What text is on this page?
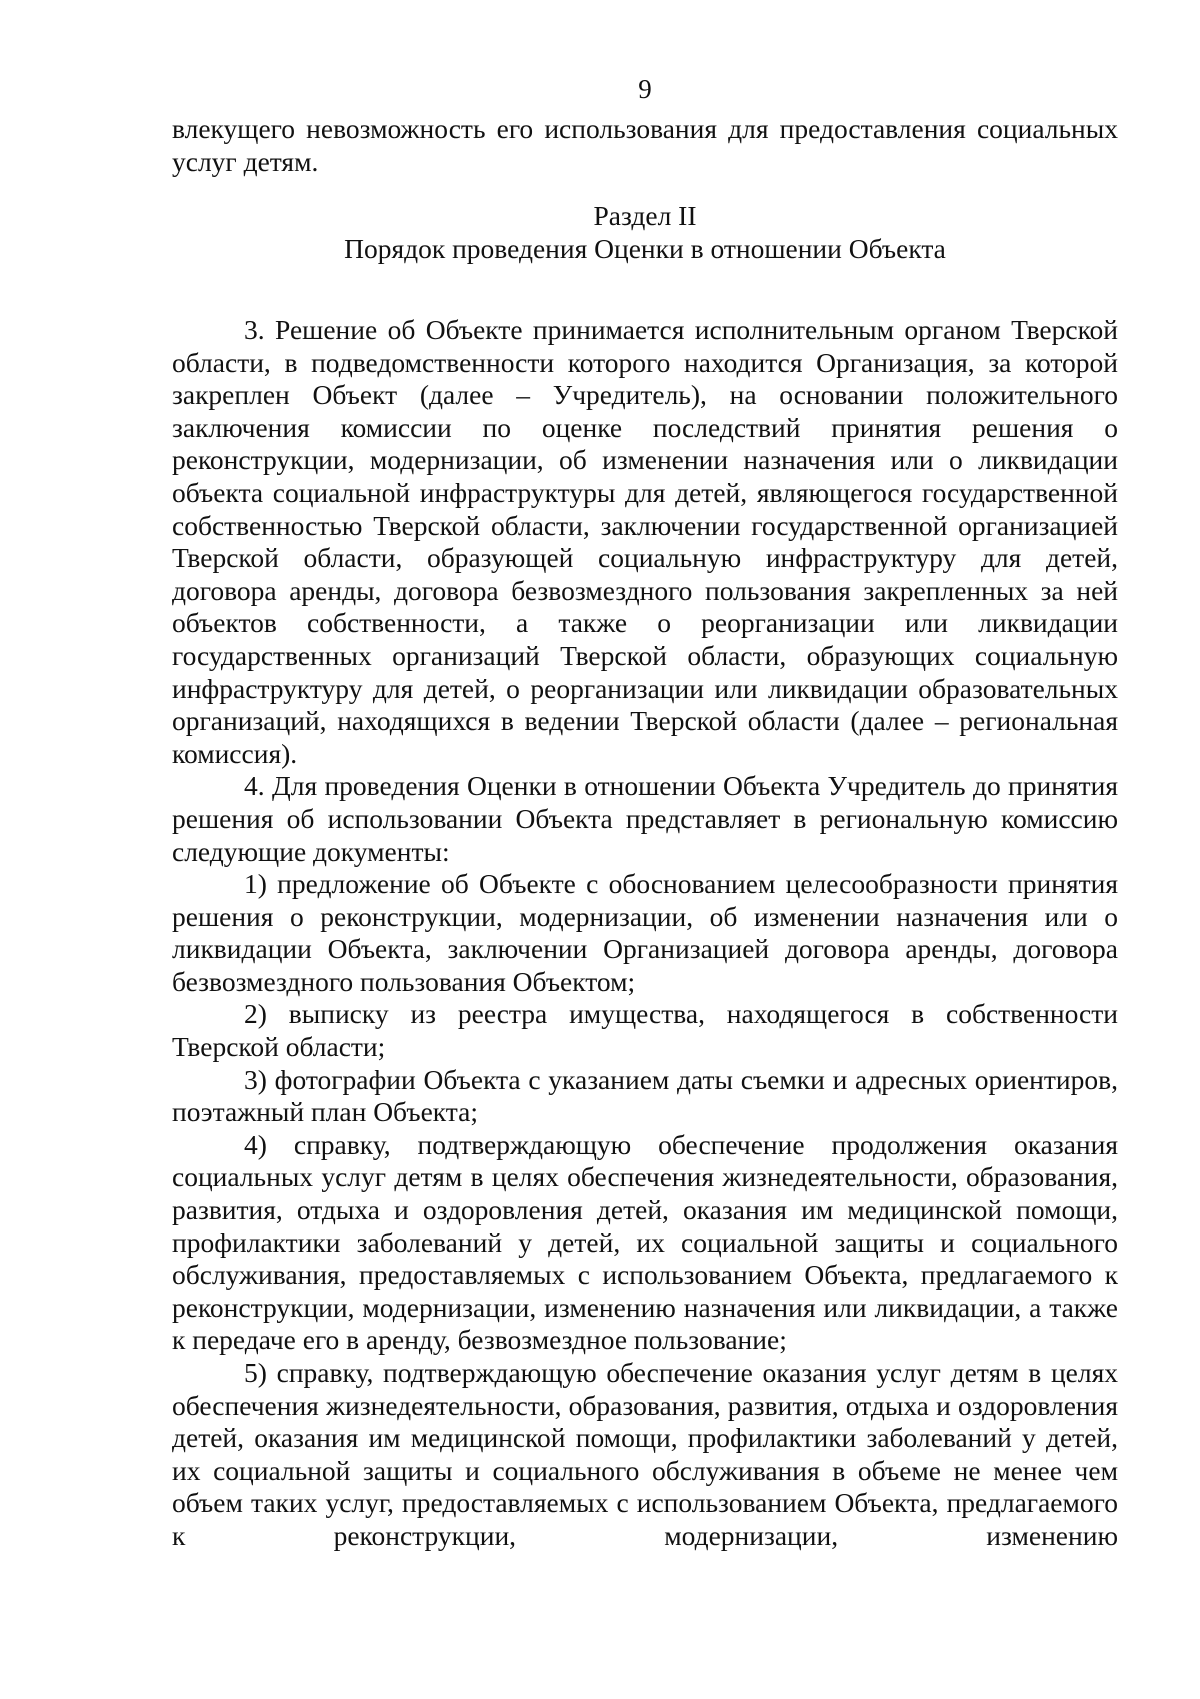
9

влекущего невозможность его использования для предоставления социальных услуг детям.

Раздел II
Порядок проведения Оценки в отношении Объекта

3. Решение об Объекте принимается исполнительным органом Тверской области, в подведомственности которого находится Организация, за которой закреплен Объект (далее – Учредитель), на основании положительного заключения комиссии по оценке последствий принятия решения о реконструкции, модернизации, об изменении назначения или о ликвидации объекта социальной инфраструктуры для детей, являющегося государственной собственностью Тверской области, заключении государственной организацией Тверской области, образующей социальную инфраструктуру для детей, договора аренды, договора безвозмездного пользования закрепленных за ней объектов собственности, а также о реорганизации или ликвидации государственных организаций Тверской области, образующих социальную инфраструктуру для детей, о реорганизации или ликвидации образовательных организаций, находящихся в ведении Тверской области (далее – региональная комиссия).

4. Для проведения Оценки в отношении Объекта Учредитель до принятия решения об использовании Объекта представляет в региональную комиссию следующие документы:

1) предложение об Объекте с обоснованием целесообразности принятия решения о реконструкции, модернизации, об изменении назначения или о ликвидации Объекта, заключении Организацией договора аренды, договора безвозмездного пользования Объектом;

2) выписку из реестра имущества, находящегося в собственности Тверской области;

3) фотографии Объекта с указанием даты съемки и адресных ориентиров, поэтажный план Объекта;

4) справку, подтверждающую обеспечение продолжения оказания социальных услуг детям в целях обеспечения жизнедеятельности, образования, развития, отдыха и оздоровления детей, оказания им медицинской помощи, профилактики заболеваний у детей, их социальной защиты и социального обслуживания, предоставляемых с использованием Объекта, предлагаемого к реконструкции, модернизации, изменению назначения или ликвидации, а также к передаче его в аренду, безвозмездное пользование;

5) справку, подтверждающую обеспечение оказания услуг детям в целях обеспечения жизнедеятельности, образования, развития, отдыха и оздоровления детей, оказания им медицинской помощи, профилактики заболеваний у детей, их социальной защиты и социального обслуживания в объеме не менее чем объем таких услуг, предоставляемых с использованием Объекта, предлагаемого к реконструкции, модернизации, изменению
